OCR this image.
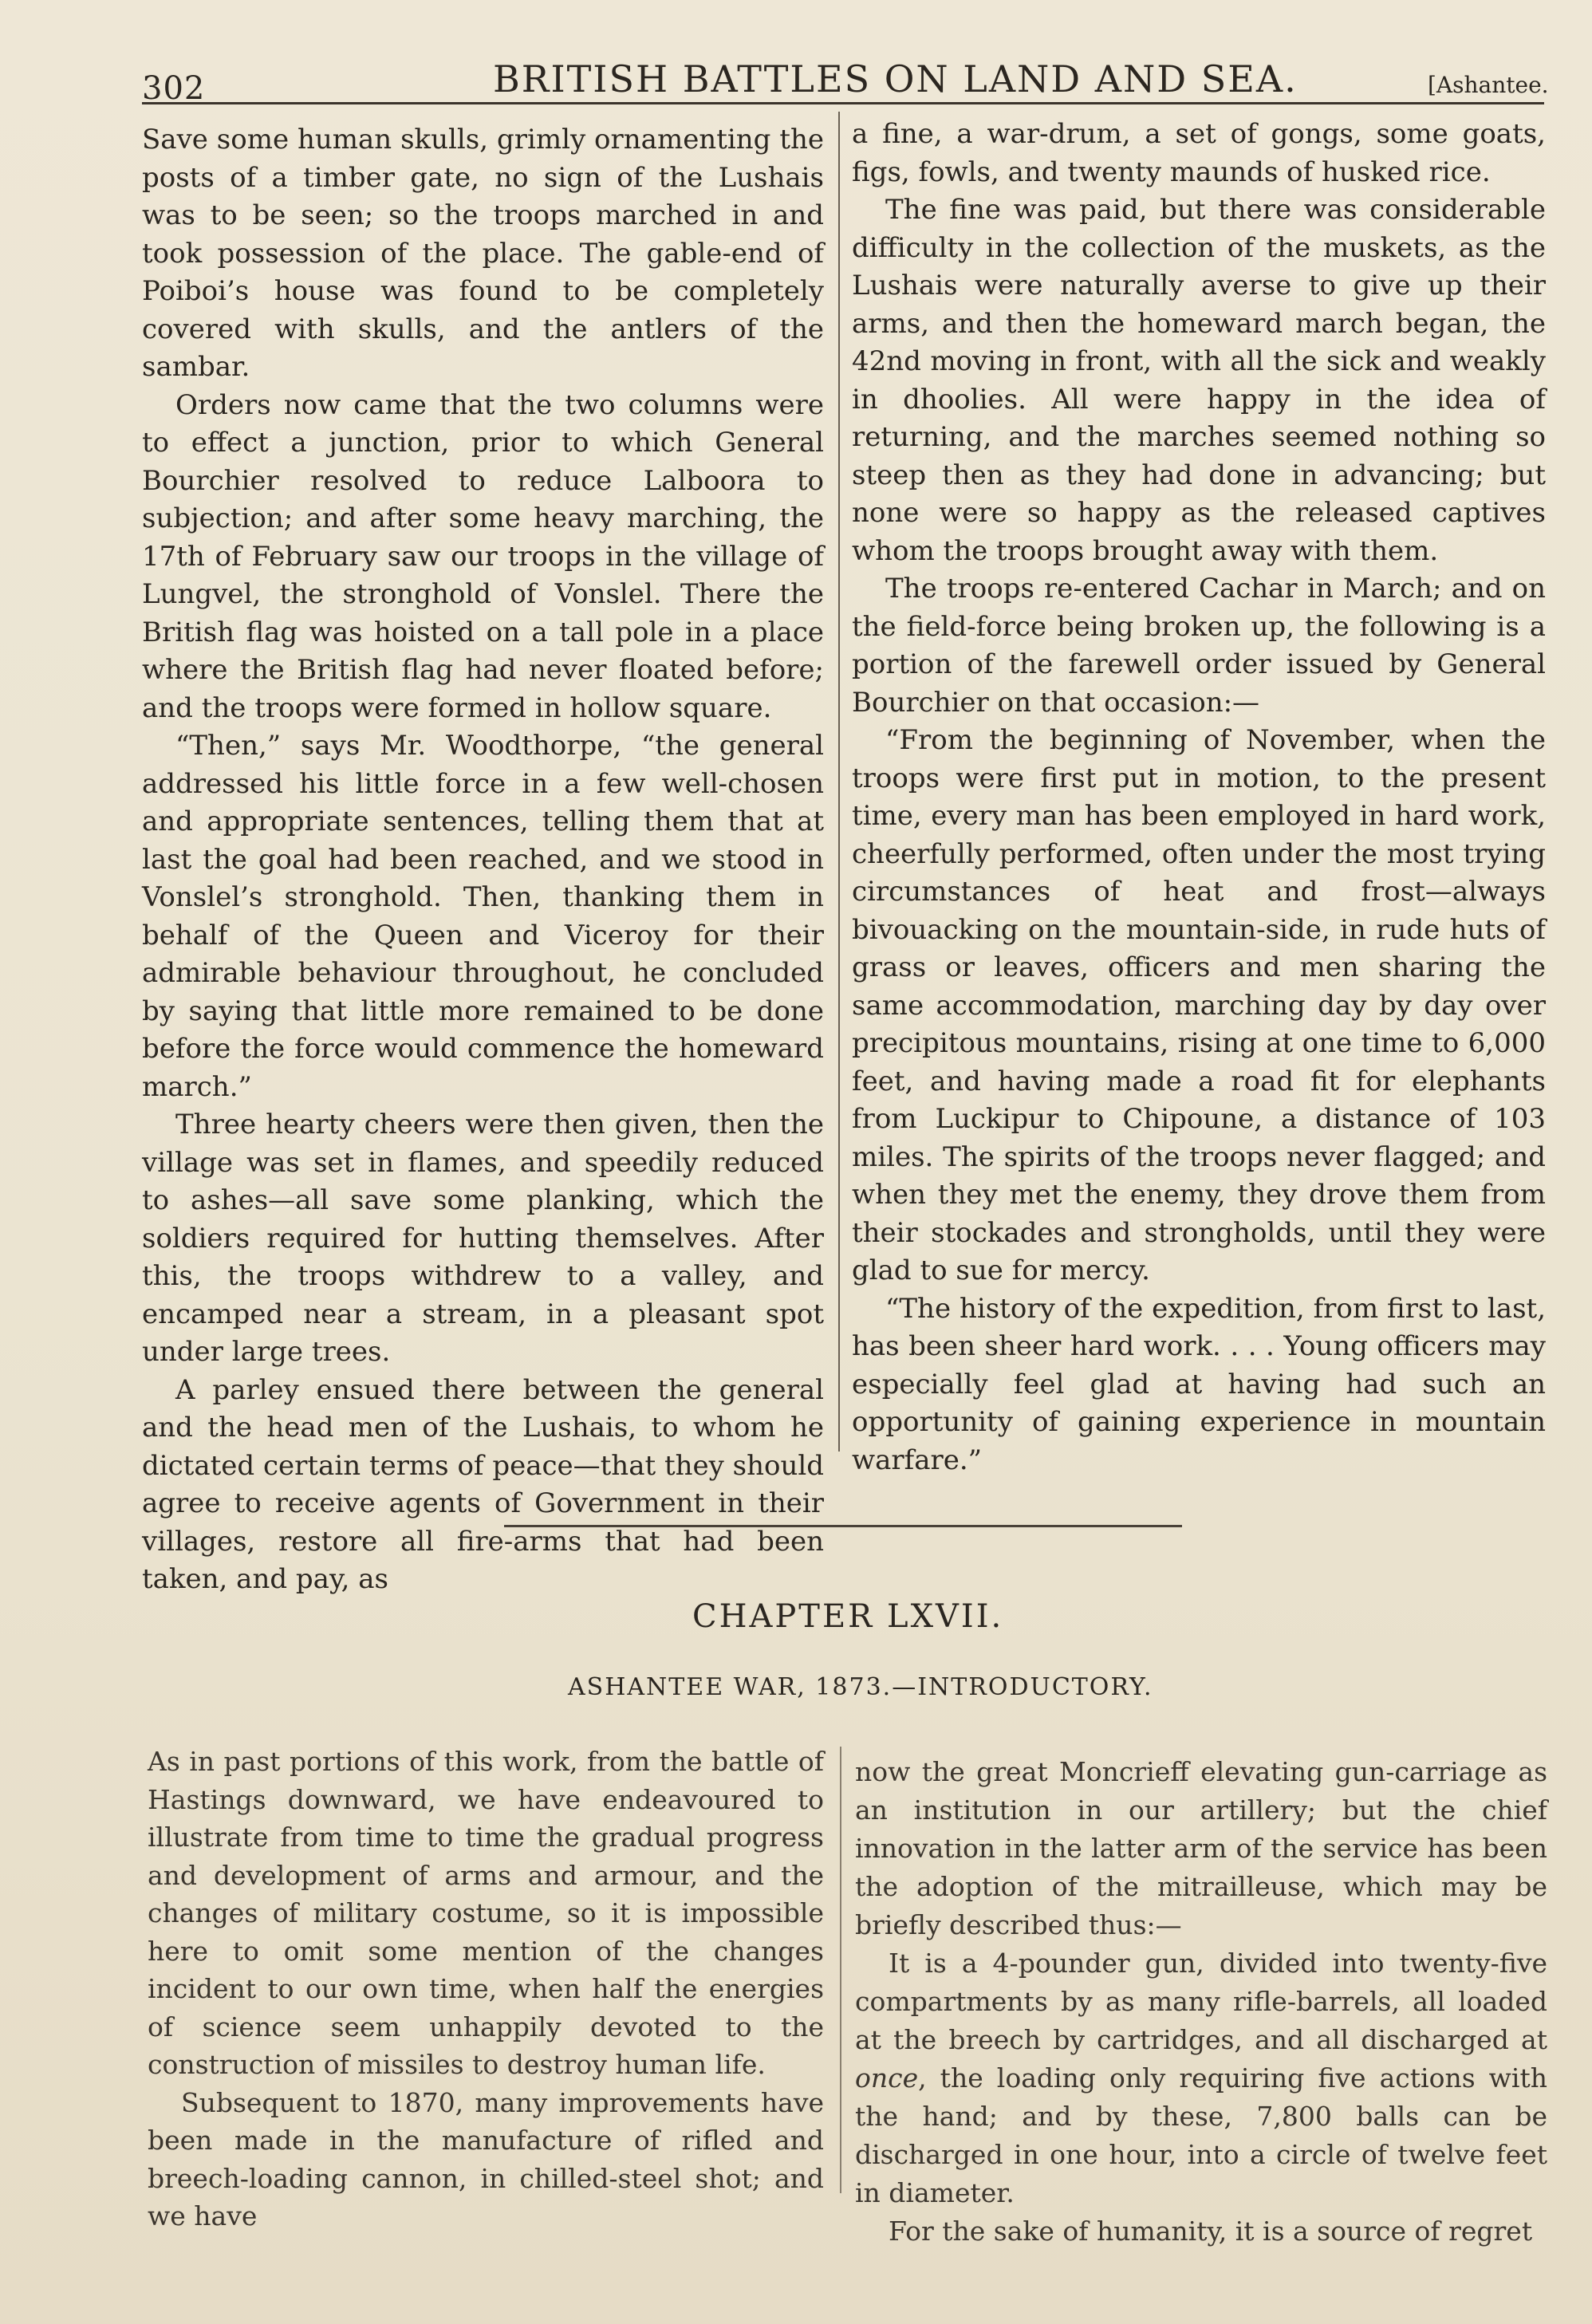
302	BRITISH BATTLES ON LAND AND SEA.	[Ashantee.

Save some human skulls, grimly ornamenting the posts of a timber gate, no sign of the Lushais was to be seen; so the troops marched in and took possession of the place. The gable-end of Poiboi’s house was found to be completely covered with skulls, and the antlers of the sambar.

Orders now came that the two columns were to effect a junction, prior to which General Bourchier resolved to reduce Lalboora to subjection; and after some heavy marching, the 17th of February saw our troops in the village of Lungvel, the stronghold of Vonslel. There the British flag was hoisted on a tall pole in a place where the British flag had never floated before; and the troops were formed in hollow square.

“Then,” says Mr. Woodthorpe, “the general addressed his little force in a few well-chosen and appropriate sentences, telling them that at last the goal had been reached, and we stood in Vonslel’s stronghold. Then, thanking them in behalf of the Queen and Viceroy for their admirable behaviour throughout, he concluded by saying that little more remained to be done before the force would commence the homeward march.”

Three hearty cheers were then given, then the village was set in flames, and speedily reduced to ashes—all save some planking, which the soldiers required for hutting themselves. After this, the troops withdrew to a valley, and encamped near a stream, in a pleasant spot under large trees.

A parley ensued there between the general and the head men of the Lushais, to whom he dictated certain terms of peace—that they should agree to receive agents of Government in their villages, restore all fire-arms that had been taken, and pay, as

a fine, a war-drum, a set of gongs, some goats, figs, fowls, and twenty maunds of husked rice.

The fine was paid, but there was considerable difficulty in the collection of the muskets, as the Lushais were naturally averse to give up their arms, and then the homeward march began, the 42nd moving in front, with all the sick and weakly in dhoolies. All were happy in the idea of returning, and the marches seemed nothing so steep then as they had done in advancing; but none were so happy as the released captives whom the troops brought away with them.

The troops re-entered Cachar in March; and on the field-force being broken up, the following is a portion of the farewell order issued by General Bourchier on that occasion:—

“From the beginning of November, when the troops were first put in motion, to the present time, every man has been employed in hard work, cheerfully performed, often under the most trying circumstances of heat and frost—always bivouacking on the mountain-side, in rude huts of grass or leaves, officers and men sharing the same accommodation, marching day by day over precipitous mountains, rising at one time to 6,000 feet, and having made a road fit for elephants from Luckipur to Chipoune, a distance of 103 miles. The spirits of the troops never flagged; and when they met the enemy, they drove them from their stockades and strongholds, until they were glad to sue for mercy.

“The history of the expedition, from first to last, has been sheer hard work. . . . Young officers may especially feel glad at having had such an opportunity of gaining experience in mountain warfare.”

CHAPTER LXVII.
ASHANTEE WAR, 1873.—INTRODUCTORY.

As in past portions of this work, from the battle of Hastings downward, we have endeavoured to illustrate from time to time the gradual progress and development of arms and armour, and the changes of military costume, so it is impossible here to omit some mention of the changes incident to our own time, when half the energies of science seem unhappily devoted to the construction of missiles to destroy human life.

Subsequent to 1870, many improvements have been made in the manufacture of rifled and breech-loading cannon, in chilled-steel shot; and we have

now the great Moncrieff elevating gun-carriage as an institution in our artillery; but the chief innovation in the latter arm of the service has been the adoption of the mitrailleuse, which may be briefly described thus:—

It is a 4-pounder gun, divided into twenty-five compartments by as many rifle-barrels, all loaded at the breech by cartridges, and all discharged at once, the loading only requiring five actions with the hand; and by these, 7,800 balls can be discharged in one hour, into a circle of twelve feet in diameter.

For the sake of humanity, it is a source of regret
